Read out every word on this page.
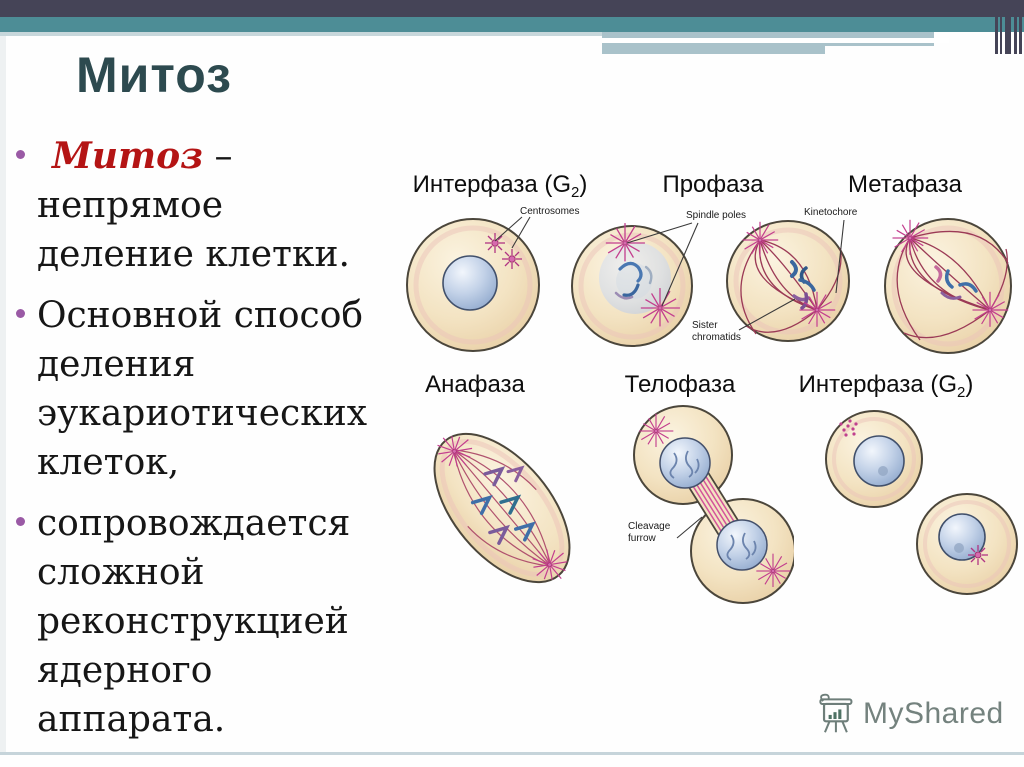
Митоз

Митоз –
непрямое
деление клетки.

Основной способ
деления
эукариотических
клеток,

сопровождается
сложной
реконструкцией
ядерного
аппарата.

Интерфаза $(G_2)$	Профаза	Метафаза
Анафаза	Телофаза	Интерфаза $(G_2)$
Centrosomes	Spindle poles	Kinetochore
Sister
chromatids
Cleavage
furrow
MyShared
